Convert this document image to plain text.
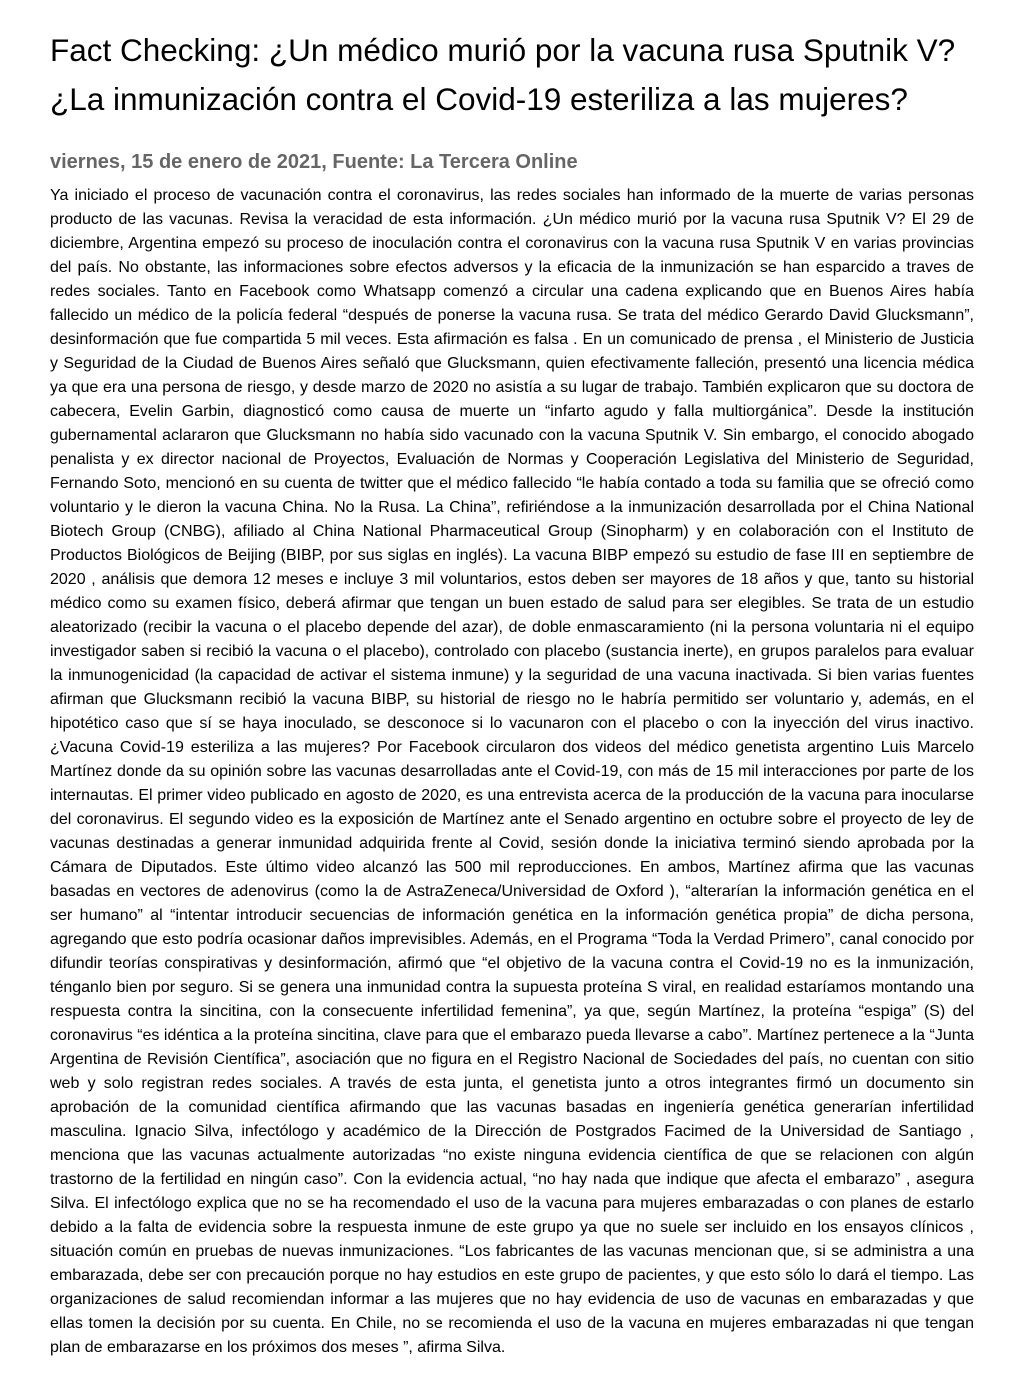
Fact Checking: ¿Un médico murió por la vacuna rusa Sputnik V? ¿La inmunización contra el Covid-19 esteriliza a las mujeres?
viernes, 15 de enero de 2021, Fuente: La Tercera Online

Ya iniciado el proceso de vacunación contra el coronavirus, las redes sociales han informado de la muerte de varias personas producto de las vacunas. Revisa la veracidad de esta información. ¿Un médico murió por la vacuna rusa Sputnik V? El 29 de diciembre, Argentina empezó su proceso de inoculación contra el coronavirus con la vacuna rusa Sputnik V en varias provincias del país. No obstante, las informaciones sobre efectos adversos y la eficacia de la inmunización se han esparcido a traves de redes sociales. Tanto en Facebook como Whatsapp comenzó a circular una cadena explicando que en Buenos Aires había fallecido un médico de la policía federal “después de ponerse la vacuna rusa. Se trata del médico Gerardo David Glucksmann”, desinformación que fue compartida 5 mil veces. Esta afirmación es falsa . En un comunicado de prensa , el Ministerio de Justicia y Seguridad de la Ciudad de Buenos Aires señaló que Glucksmann, quien efectivamente falleción, presentó una licencia médica ya que era una persona de riesgo, y desde marzo de 2020 no asistía a su lugar de trabajo. También explicaron que su doctora de cabecera, Evelin Garbin, diagnosticó como causa de muerte un “infarto agudo y falla multiorgánica”. Desde la institución gubernamental aclararon que Glucksmann no había sido vacunado con la vacuna Sputnik V. Sin embargo, el conocido abogado penalista y ex director nacional de Proyectos, Evaluación de Normas y Cooperación Legislativa del Ministerio de Seguridad, Fernando Soto, mencionó en su cuenta de twitter que el médico fallecido “le había contado a toda su familia que se ofreció como voluntario y le dieron la vacuna China. No la Rusa. La China”, refiriéndose a la inmunización desarrollada por el China National Biotech Group (CNBG), afiliado al China National Pharmaceutical Group (Sinopharm) y en colaboración con el Instituto de Productos Biológicos de Beijing (BIBP, por sus siglas en inglés). La vacuna BIBP empezó su estudio de fase III en septiembre de 2020 , análisis que demora 12 meses e incluye 3 mil voluntarios, estos deben ser mayores de 18 años y que, tanto su historial médico como su examen físico, deberá afirmar que tengan un buen estado de salud para ser elegibles. Se trata de un estudio aleatorizado (recibir la vacuna o el placebo depende del azar), de doble enmascaramiento (ni la persona voluntaria ni el equipo investigador saben si recibió la vacuna o el placebo), controlado con placebo (sustancia inerte), en grupos paralelos para evaluar la inmunogenicidad (la capacidad de activar el sistema inmune) y la seguridad de una vacuna inactivada. Si bien varias fuentes afirman que Glucksmann recibió la vacuna BIBP, su historial de riesgo no le habría permitido ser voluntario y, además, en el hipotético caso que sí se haya inoculado, se desconoce si lo vacunaron con el placebo o con la inyección del virus inactivo. ¿Vacuna Covid-19 esteriliza a las mujeres? Por Facebook circularon dos videos del médico genetista argentino Luis Marcelo Martínez donde da su opinión sobre las vacunas desarrolladas ante el Covid-19, con más de 15 mil interacciones por parte de los internautas. El primer video publicado en agosto de 2020, es una entrevista acerca de la producción de la vacuna para inocularse del coronavirus. El segundo video es la exposición de Martínez ante el Senado argentino en octubre sobre el proyecto de ley de vacunas destinadas a generar inmunidad adquirida frente al Covid, sesión donde la iniciativa terminó siendo aprobada por la Cámara de Diputados. Este último video alcanzó las 500 mil reproducciones. En ambos, Martínez afirma que las vacunas basadas en vectores de adenovirus (como la de AstraZeneca/Universidad de Oxford ), “alterarían la información genética en el ser humano” al “intentar introducir secuencias de información genética en la información genética propia” de dicha persona, agregando que esto podría ocasionar daños imprevisibles. Además, en el Programa “Toda la Verdad Primero”, canal conocido por difundir teorías conspirativas y desinformación, afirmó que “el objetivo de la vacuna contra el Covid-19 no es la inmunización, ténganlo bien por seguro. Si se genera una inmunidad contra la supuesta proteína S viral, en realidad estaríamos montando una respuesta contra la sincitina, con la consecuente infertilidad femenina”, ya que, según Martínez, la proteína “espiga” (S) del coronavirus “es idéntica a la proteína sincitina, clave para que el embarazo pueda llevarse a cabo”. Martínez pertenece a la “Junta Argentina de Revisión Científica”, asociación que no figura en el Registro Nacional de Sociedades del país, no cuentan con sitio web y solo registran redes sociales. A través de esta junta, el genetista junto a otros integrantes firmó un documento sin aprobación de la comunidad científica afirmando que las vacunas basadas en ingeniería genética generarían infertilidad masculina. Ignacio Silva, infectólogo y académico de la Dirección de Postgrados Facimed de la Universidad de Santiago , menciona que las vacunas actualmente autorizadas “no existe ninguna evidencia científica de que se relacionen con algún trastorno de la fertilidad en ningún caso”. Con la evidencia actual, “no hay nada que indique que afecta el embarazo” , asegura Silva. El infectólogo explica que no se ha recomendado el uso de la vacuna para mujeres embarazadas o con planes de estarlo debido a la falta de evidencia sobre la respuesta inmune de este grupo ya que no suele ser incluido en los ensayos clínicos , situación común en pruebas de nuevas inmunizaciones. “Los fabricantes de las vacunas mencionan que, si se administra a una embarazada, debe ser con precaución porque no hay estudios en este grupo de pacientes, y que esto sólo lo dará el tiempo. Las organizaciones de salud recomiendan informar a las mujeres que no hay evidencia de uso de vacunas en embarazadas y que ellas tomen la decisión por su cuenta. En Chile, no se recomienda el uso de la vacuna en mujeres embarazadas ni que tengan plan de embarazarse en los próximos dos meses ”, afirma Silva.
